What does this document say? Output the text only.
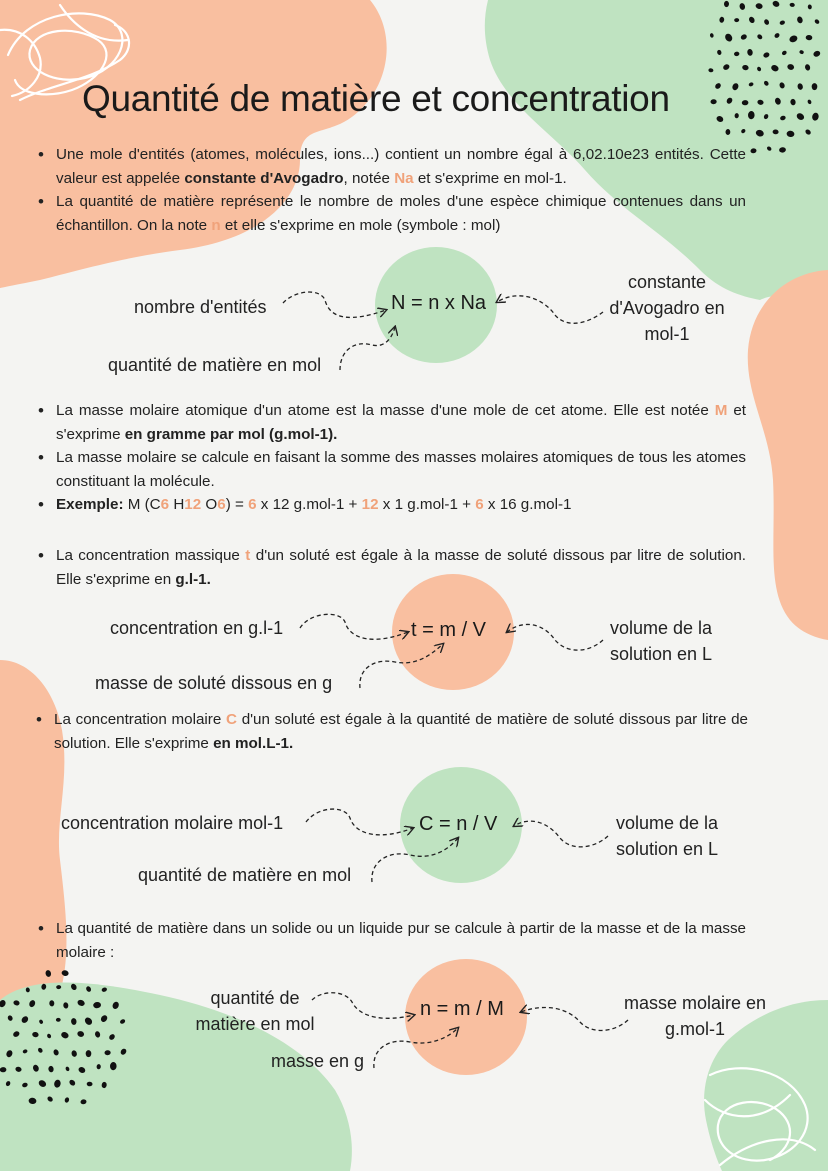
Quantité de matière et concentration
• Une mole d'entités (atomes, molécules, ions...) contient un nombre égal à 6,02.10e23 entités. Cette valeur est appelée constante d'Avogadro, notée Na et s'exprime en mol-1.
• La quantité de matière représente le nombre de moles d'une espèce chimique contenues dans un échantillon. On la note n et elle s'exprime en mole (symbole : mol)
N = n x Na
nombre d'entités
quantité de matière en mol
constante
d'Avogadro en
mol-1
• La masse molaire atomique d'un atome est la masse d'une mole de cet atome. Elle est notée M et s'exprime en gramme par mol (g.mol-1).
• La masse molaire se calcule en faisant la somme des masses molaires atomiques de tous les atomes constituant la molécule.
• Exemple: M (C6 H12 O6) = 6 x 12 g.mol-1 + 12 x 1 g.mol-1 + 6 x 16 g.mol-1
• La concentration massique t d'un soluté est égale à la masse de soluté dissous par litre de solution. Elle s'exprime en g.l-1.
t = m / V
concentration en g.l-1
masse de soluté dissous en g
volume de la
solution en L
• La concentration molaire C d'un soluté est égale à la quantité de matière de soluté dissous par litre de solution. Elle s'exprime en mol.L-1.
C = n / V
concentration molaire mol-1
quantité de matière en mol
volume de la
solution en L
• La quantité de matière dans un solide ou un liquide pur se calcule à partir de la masse et de la masse molaire :
n = m / M
quantité de
matière en mol
masse en g
masse molaire en
g.mol-1
